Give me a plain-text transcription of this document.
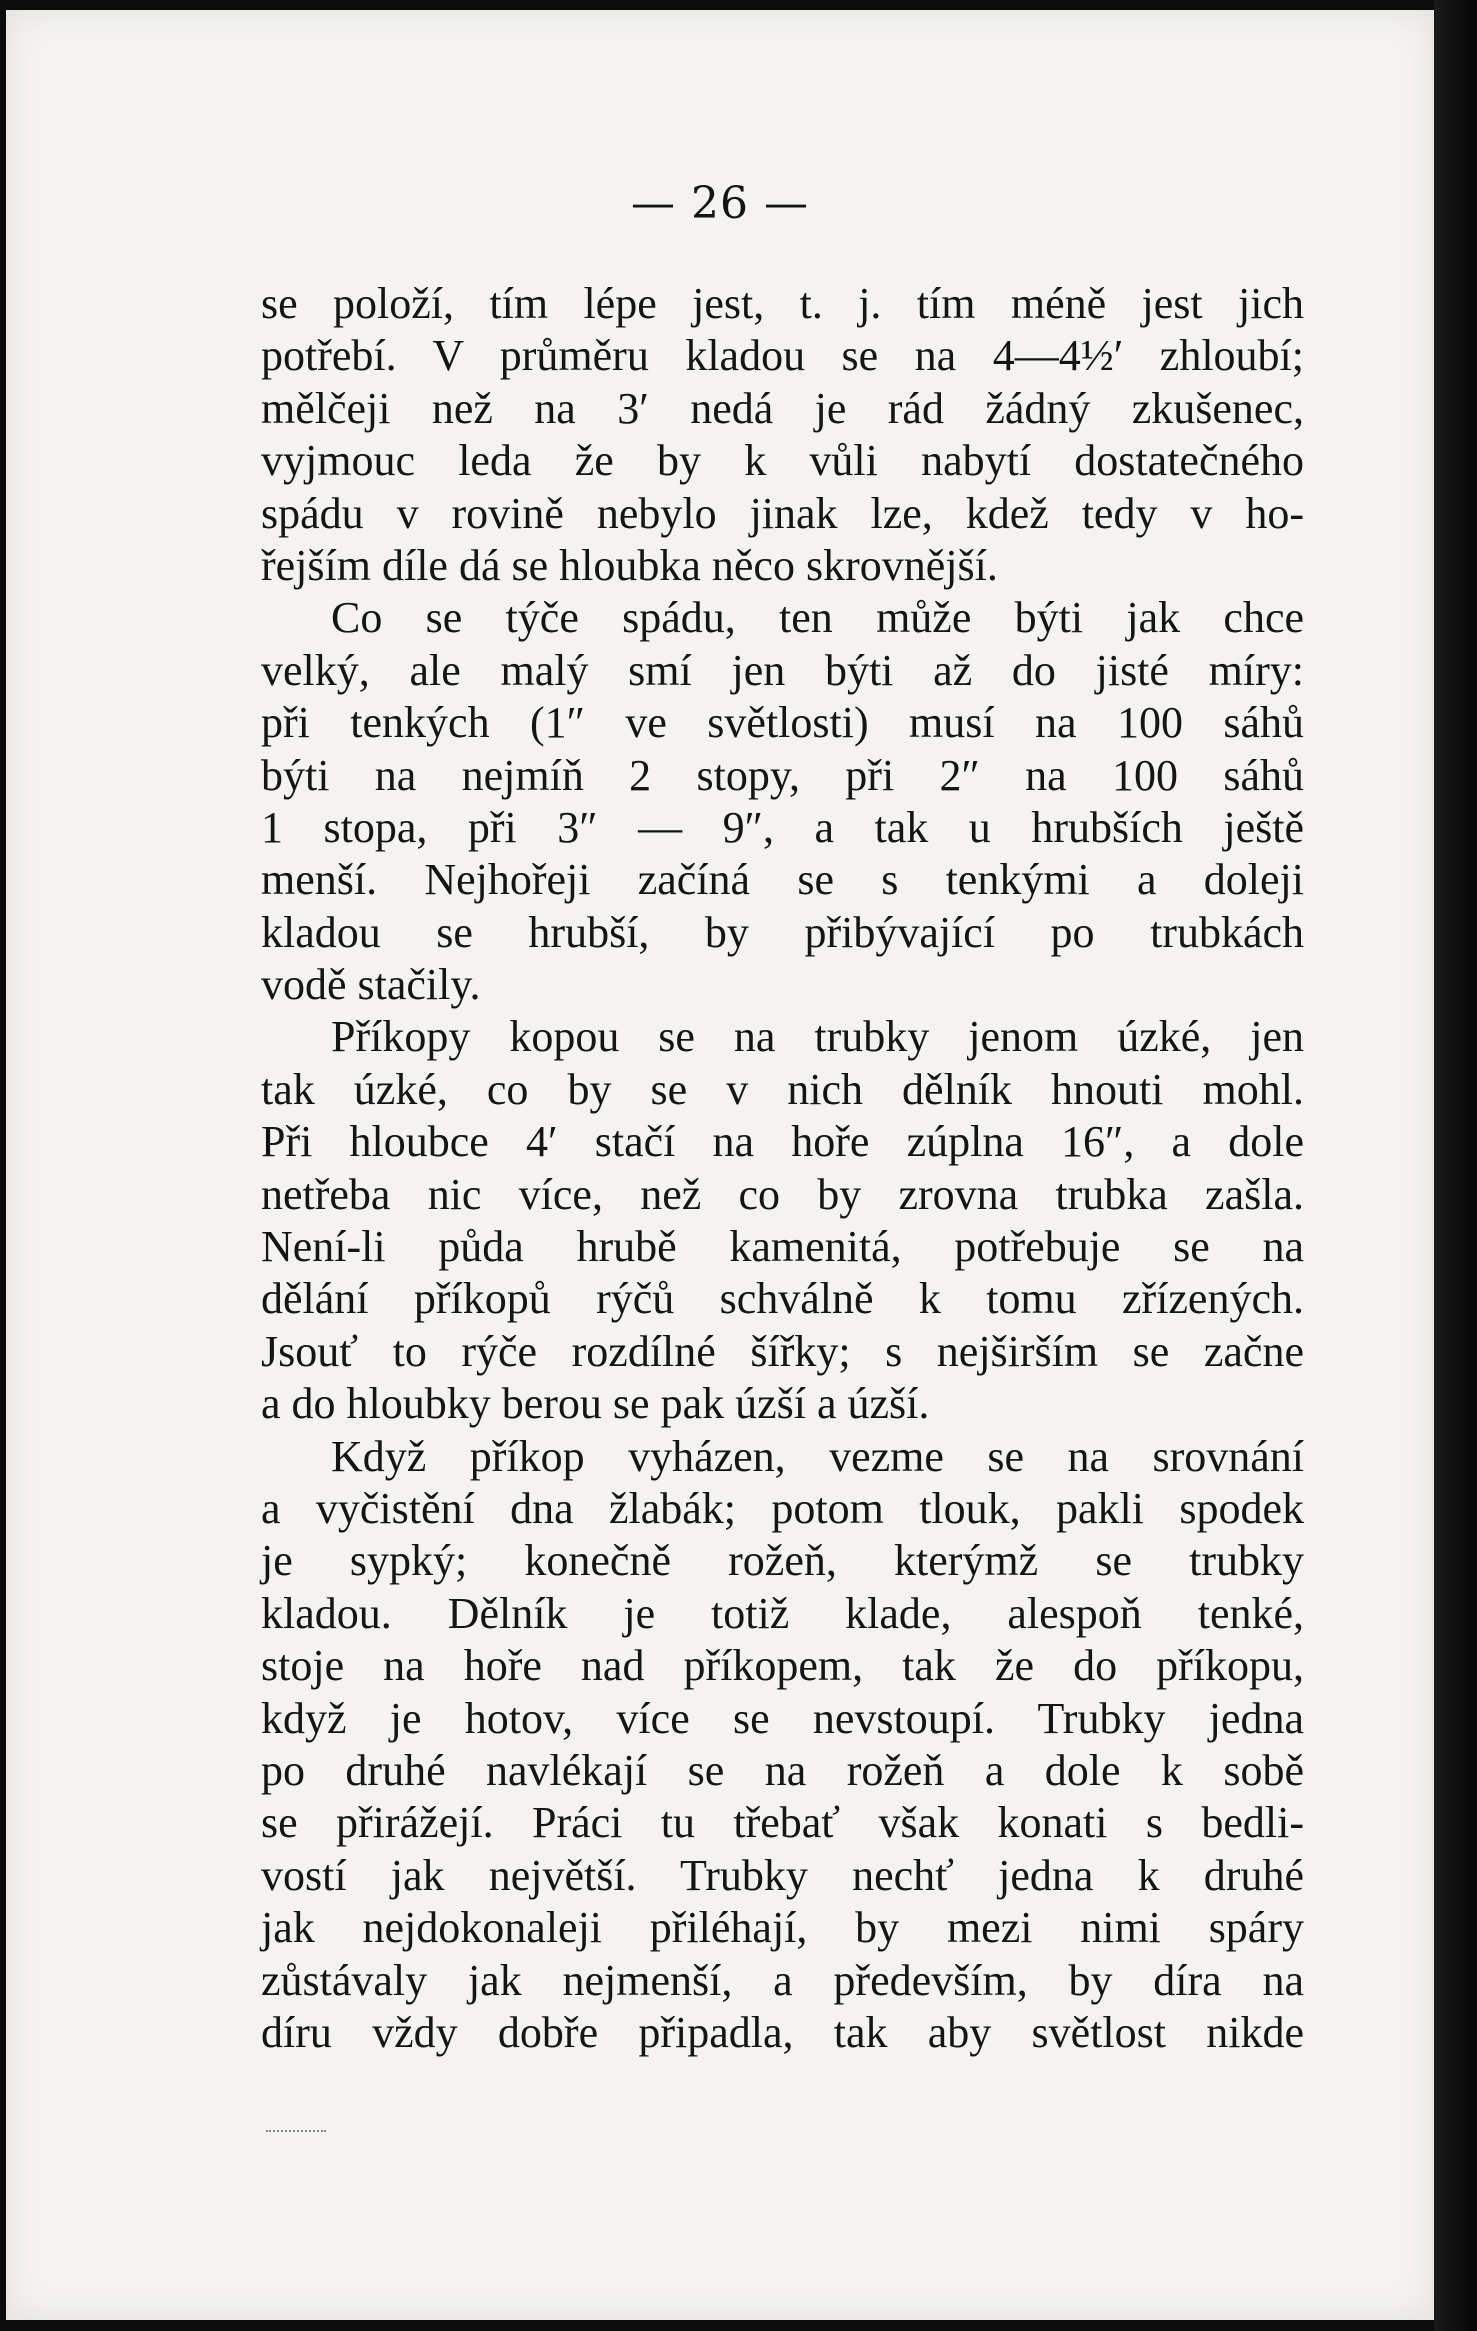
— 26 —
se položí, tím lépe jest, t. j. tím méně jest jich
potřebí. V průměru kladou se na 4—4½′ zhloubí;
mělčeji než na 3′ nedá je rád žádný zkušenec,
vyjmouc leda že by k vůli nabytí dostatečného
spádu v rovině nebylo jinak lze, kdež tedy v ho-
řejším díle dá se hloubka něco skrovnější.
Co se týče spádu, ten může býti jak chce
velký, ale malý smí jen býti až do jisté míry:
při tenkých (1″ ve světlosti) musí na 100 sáhů
býti na nejmíň 2 stopy, při 2″ na 100 sáhů
1 stopa, při 3″ — 9″, a tak u hrubších ještě
menší. Nejhořeji začíná se s tenkými a doleji
kladou se hrubší, by přibývající po trubkách
vodě stačily.
Příkopy kopou se na trubky jenom úzké, jen
tak úzké, co by se v nich dělník hnouti mohl.
Při hloubce 4′ stačí na hoře zúplna 16″, a dole
netřeba nic více, než co by zrovna trubka zašla.
Není-li půda hrubě kamenitá, potřebuje se na
dělání příkopů rýčů schválně k tomu zřízených.
Jsouť to rýče rozdílné šířky; s nejširším se začne
a do hloubky berou se pak úzší a úzší.
Když příkop vyházen, vezme se na srovnání
a vyčistění dna žlabák; potom tlouk, pakli spodek
je sypký; konečně rožeň, kterýmž se trubky
kladou. Dělník je totiž klade, alespoň tenké,
stoje na hoře nad příkopem, tak že do příkopu,
když je hotov, více se nevstoupí. Trubky jedna
po druhé navlékají se na rožeň a dole k sobě
se přirážejí. Práci tu třebať však konati s bedli-
vostí jak největší. Trubky nechť jedna k druhé
jak nejdokonaleji přiléhají, by mezi nimi spáry
zůstávaly jak nejmenší, a především, by díra na
díru vždy dobře připadla, tak aby světlost nikde
